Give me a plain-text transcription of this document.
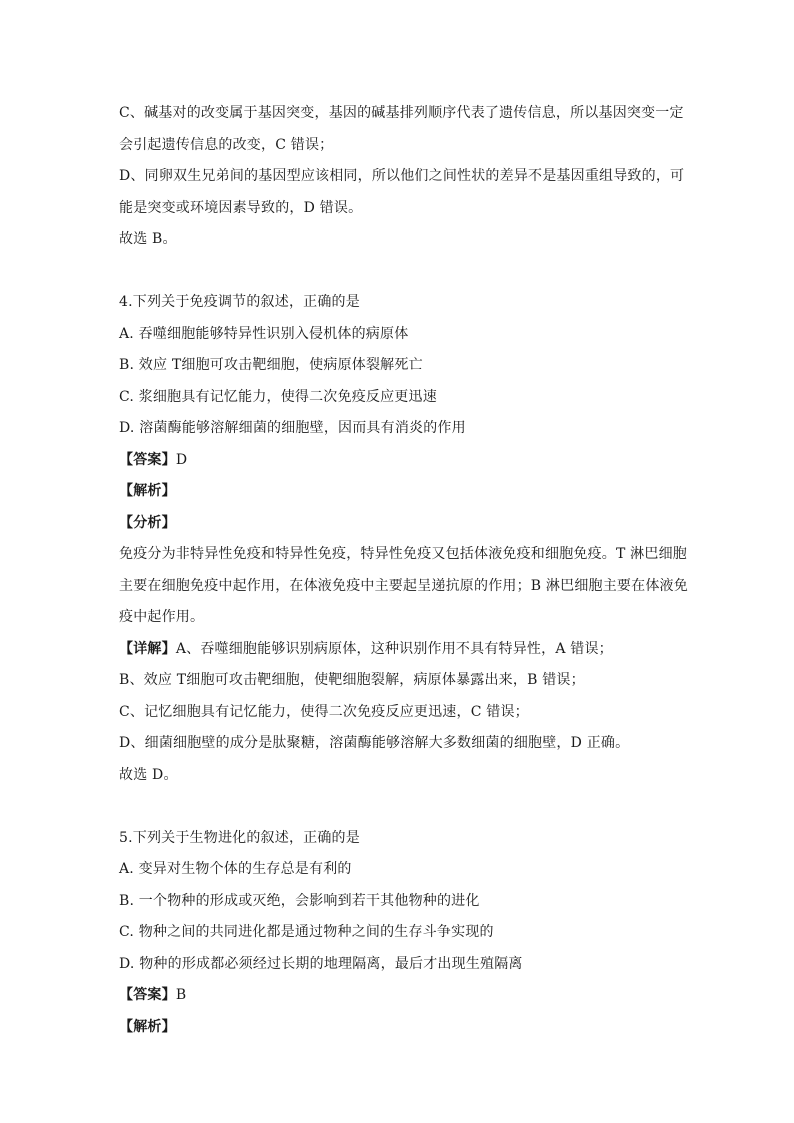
C、碱基对的改变属于基因突变，基因的碱基排列顺序代表了遗传信息，所以基因突变一定
会引起遗传信息的改变，C 错误；
D、同卵双生兄弟间的基因型应该相同，所以他们之间性状的差异不是基因重组导致的，可
能是突变或环境因素导致的，D 错误。
故选 B。
4.下列关于免疫调节的叙述，正确的是
A. 吞噬细胞能够特异性识别入侵机体的病原体
B. 效应 T细胞可攻击靶细胞，使病原体裂解死亡
C. 浆细胞具有记忆能力，使得二次免疫反应更迅速
D. 溶菌酶能够溶解细菌的细胞壁，因而具有消炎的作用
【答案】D
【解析】
【分析】
免疫分为非特异性免疫和特异性免疫，特异性免疫又包括体液免疫和细胞免疫。T 淋巴细胞
主要在细胞免疫中起作用，在体液免疫中主要起呈递抗原的作用；B 淋巴细胞主要在体液免
疫中起作用。
【详解】A、吞噬细胞能够识别病原体，这种识别作用不具有特异性，A 错误；
B、效应 T细胞可攻击靶细胞，使靶细胞裂解，病原体暴露出来，B 错误；
C、记忆细胞具有记忆能力，使得二次免疫反应更迅速，C 错误；
D、细菌细胞壁的成分是肽聚糖，溶菌酶能够溶解大多数细菌的细胞壁，D 正确。
故选 D。
5.下列关于生物进化的叙述，正确的是
A. 变异对生物个体的生存总是有利的
B. 一个物种的形成或灭绝，会影响到若干其他物种的进化
C. 物种之间的共同进化都是通过物种之间的生存斗争实现的
D. 物种的形成都必须经过长期的地理隔离，最后才出现生殖隔离
【答案】B
【解析】
